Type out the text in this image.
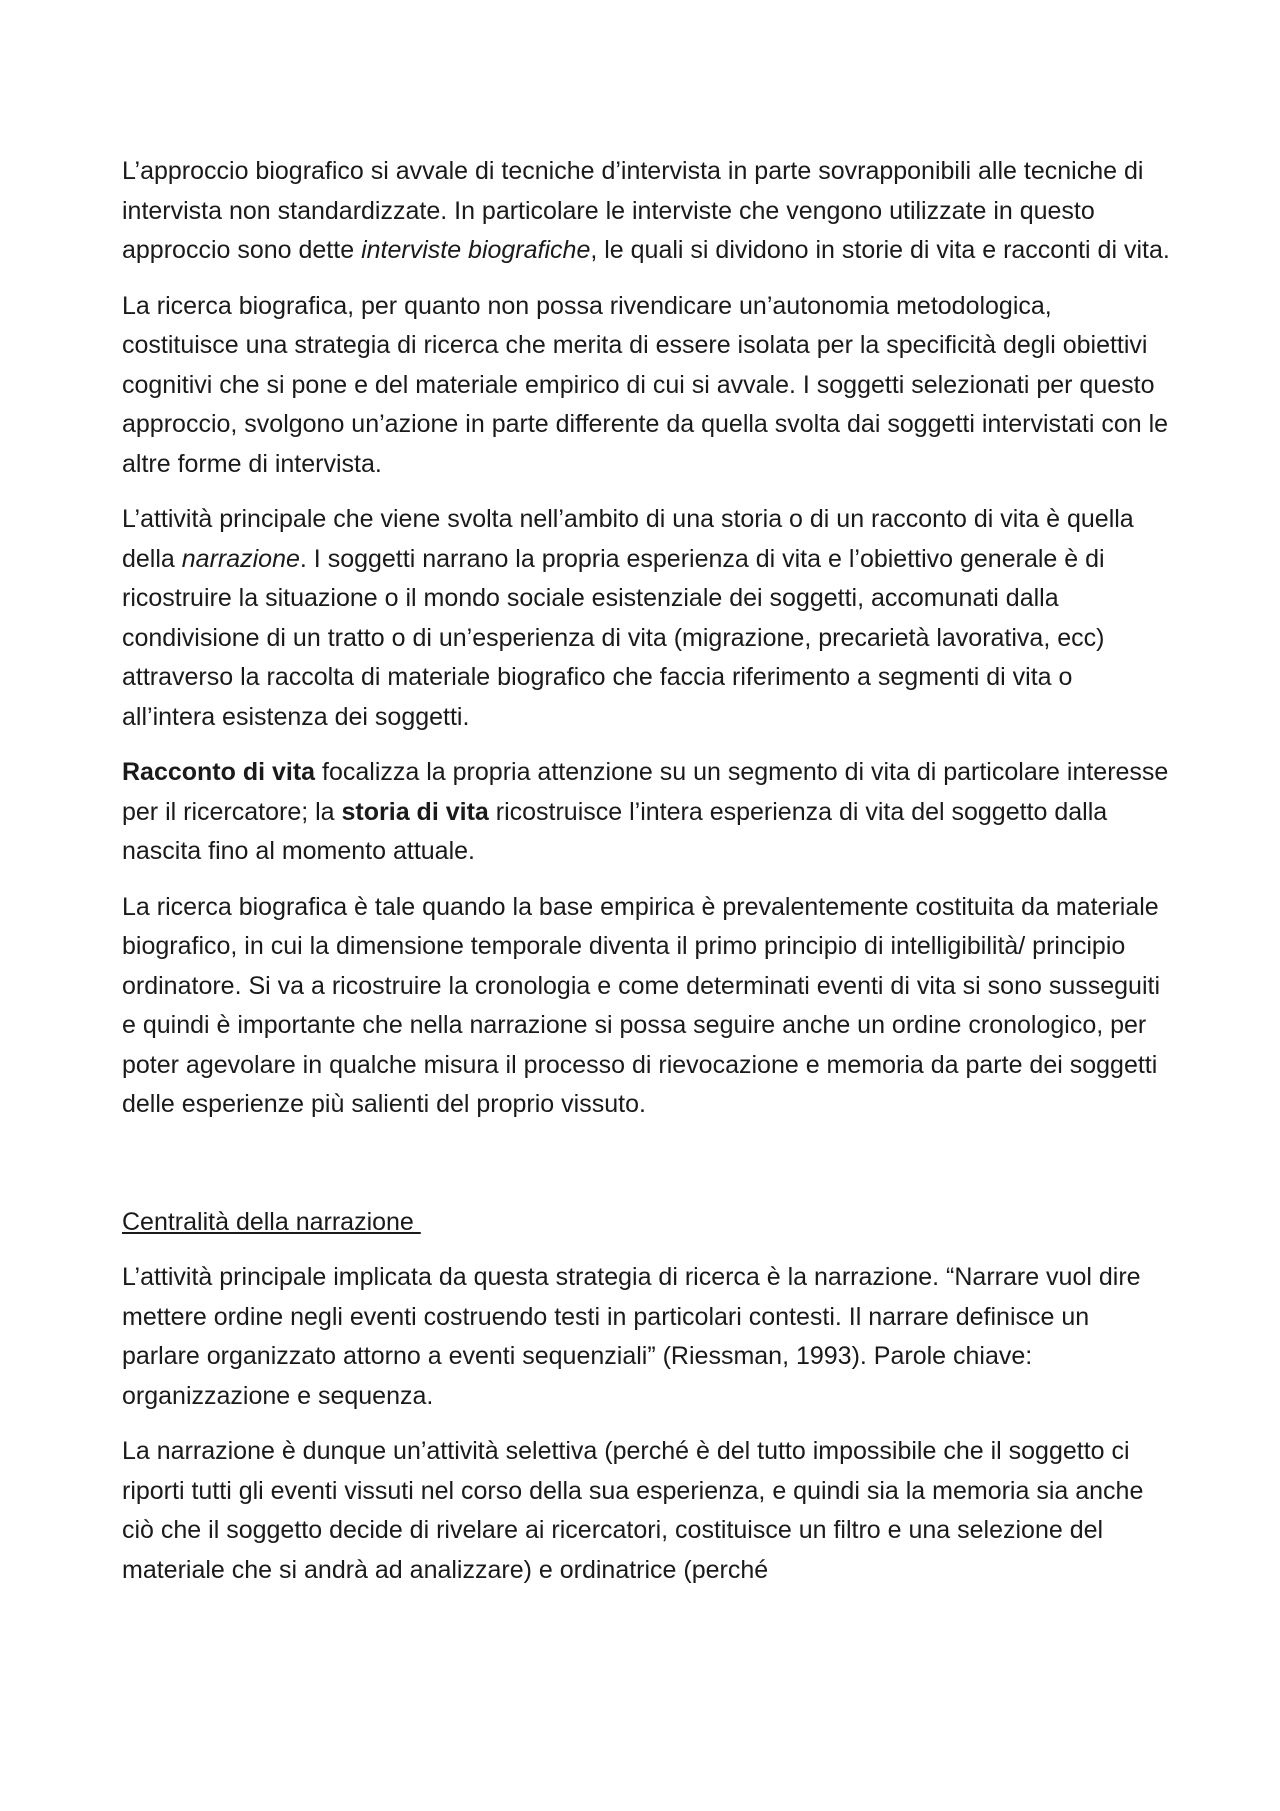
L’approccio biografico si avvale di tecniche d’intervista in parte sovrapponibili alle tecniche di intervista non standardizzate. In particolare le interviste che vengono utilizzate in questo approccio sono dette interviste biografiche, le quali si dividono in storie di vita e racconti di vita.

La ricerca biografica, per quanto non possa rivendicare un’autonomia metodologica, costituisce una strategia di ricerca che merita di essere isolata per la specificità degli obiettivi cognitivi che si pone e del materiale empirico di cui si avvale. I soggetti selezionati per questo approccio, svolgono un’azione in parte differente da quella svolta dai soggetti intervistati con le altre forme di intervista.

L’attività principale che viene svolta nell’ambito di una storia o di un racconto di vita è quella della narrazione. I soggetti narrano la propria esperienza di vita e l’obiettivo generale è di ricostruire la situazione o il mondo sociale esistenziale dei soggetti, accomunati dalla condivisione di un tratto o di un’esperienza di vita (migrazione, precarietà lavorativa, ecc) attraverso la raccolta di materiale biografico che faccia riferimento a segmenti di vita o all’intera esistenza dei soggetti.

Racconto di vita focalizza la propria attenzione su un segmento di vita di particolare interesse per il ricercatore; la storia di vita ricostruisce l’intera esperienza di vita del soggetto dalla nascita fino al momento attuale.

La ricerca biografica è tale quando la base empirica è prevalentemente costituita da materiale biografico, in cui la dimensione temporale diventa il primo principio di intelligibilità/ principio ordinatore. Si va a ricostruire la cronologia e come determinati eventi di vita si sono susseguiti e quindi è importante che nella narrazione si possa seguire anche un ordine cronologico, per poter agevolare in qualche misura il processo di rievocazione e memoria da parte dei soggetti delle esperienze più salienti del proprio vissuto.

Centralità della narrazione

L’attività principale implicata da questa strategia di ricerca è la narrazione. “Narrare vuol dire mettere ordine negli eventi costruendo testi in particolari contesti. Il narrare definisce un parlare organizzato attorno a eventi sequenziali” (Riessman, 1993). Parole chiave: organizzazione e sequenza.

La narrazione è dunque un’attività selettiva (perché è del tutto impossibile che il soggetto ci riporti tutti gli eventi vissuti nel corso della sua esperienza, e quindi sia la memoria sia anche ciò che il soggetto decide di rivelare ai ricercatori, costituisce un filtro e una selezione del materiale che si andrà ad analizzare) e ordinatrice (perché
